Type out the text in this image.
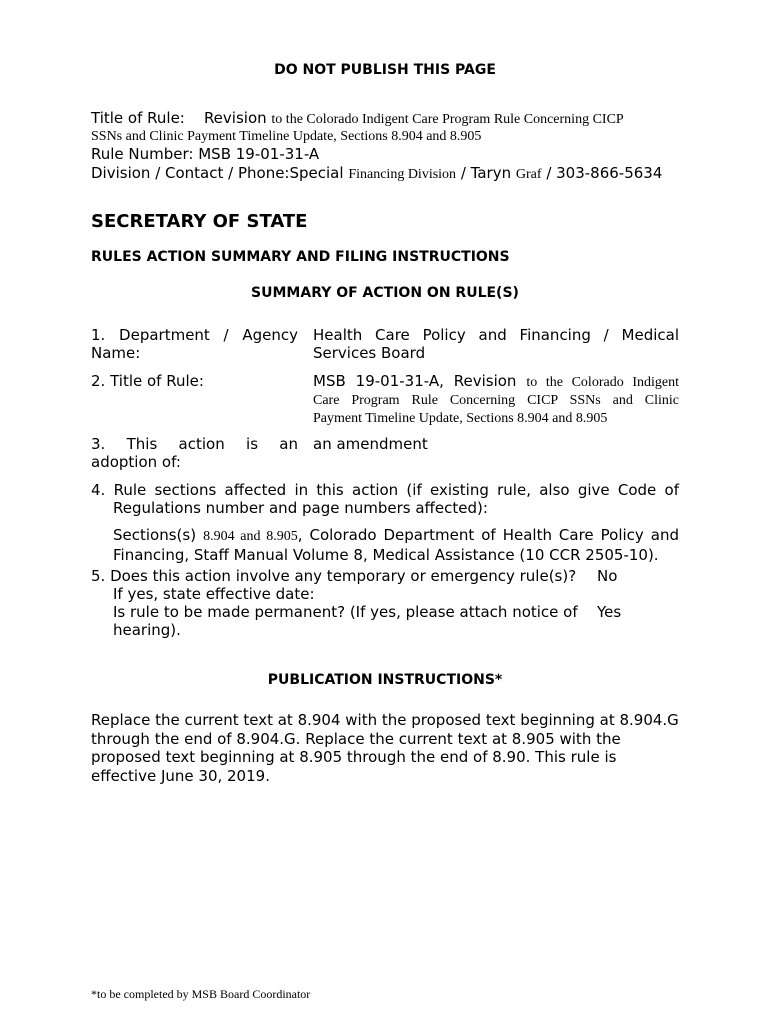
DO NOT PUBLISH THIS PAGE
Title of Rule: Revision to the Colorado Indigent Care Program Rule Concerning CICP
SSNs and Clinic Payment Timeline Update, Sections 8.904 and 8.905
Rule Number: MSB 19-01-31-A
Division / Contact / Phone:Special Financing Division / Taryn Graf / 303-866-5634
SECRETARY OF STATE
RULES ACTION SUMMARY AND FILING INSTRUCTIONS
SUMMARY OF ACTION ON RULE(S)
1. Department / Agency
Name:
Health Care Policy and Financing / Medical
Services Board
2. Title of Rule:	MSB 19-01-31-A, Revision to the Colorado Indigent
Care Program Rule Concerning CICP SSNs and Clinic
Payment Timeline Update, Sections 8.904 and 8.905
3. This action is an
adoption of:
an amendment
4. Rule sections affected in this action (if existing rule, also give Code of
Regulations number and page numbers affected):
Sections(s) 8.904 and 8.905, Colorado Department of Health Care Policy and
Financing, Staff Manual Volume 8, Medical Assistance (10 CCR 2505-10).
5. Does this action involve any temporary or emergency rule(s)? No
If yes, state effective date:
Is rule to be made permanent? (If yes, please attach notice of Yes
hearing).
PUBLICATION INSTRUCTIONS*
Replace the current text at 8.904 with the proposed text beginning at 8.904.G through the end of 8.904.G. Replace the current text at 8.905 with the proposed text beginning at 8.905 through the end of 8.90. This rule is effective June 30, 2019.
*to be completed by MSB Board Coordinator
